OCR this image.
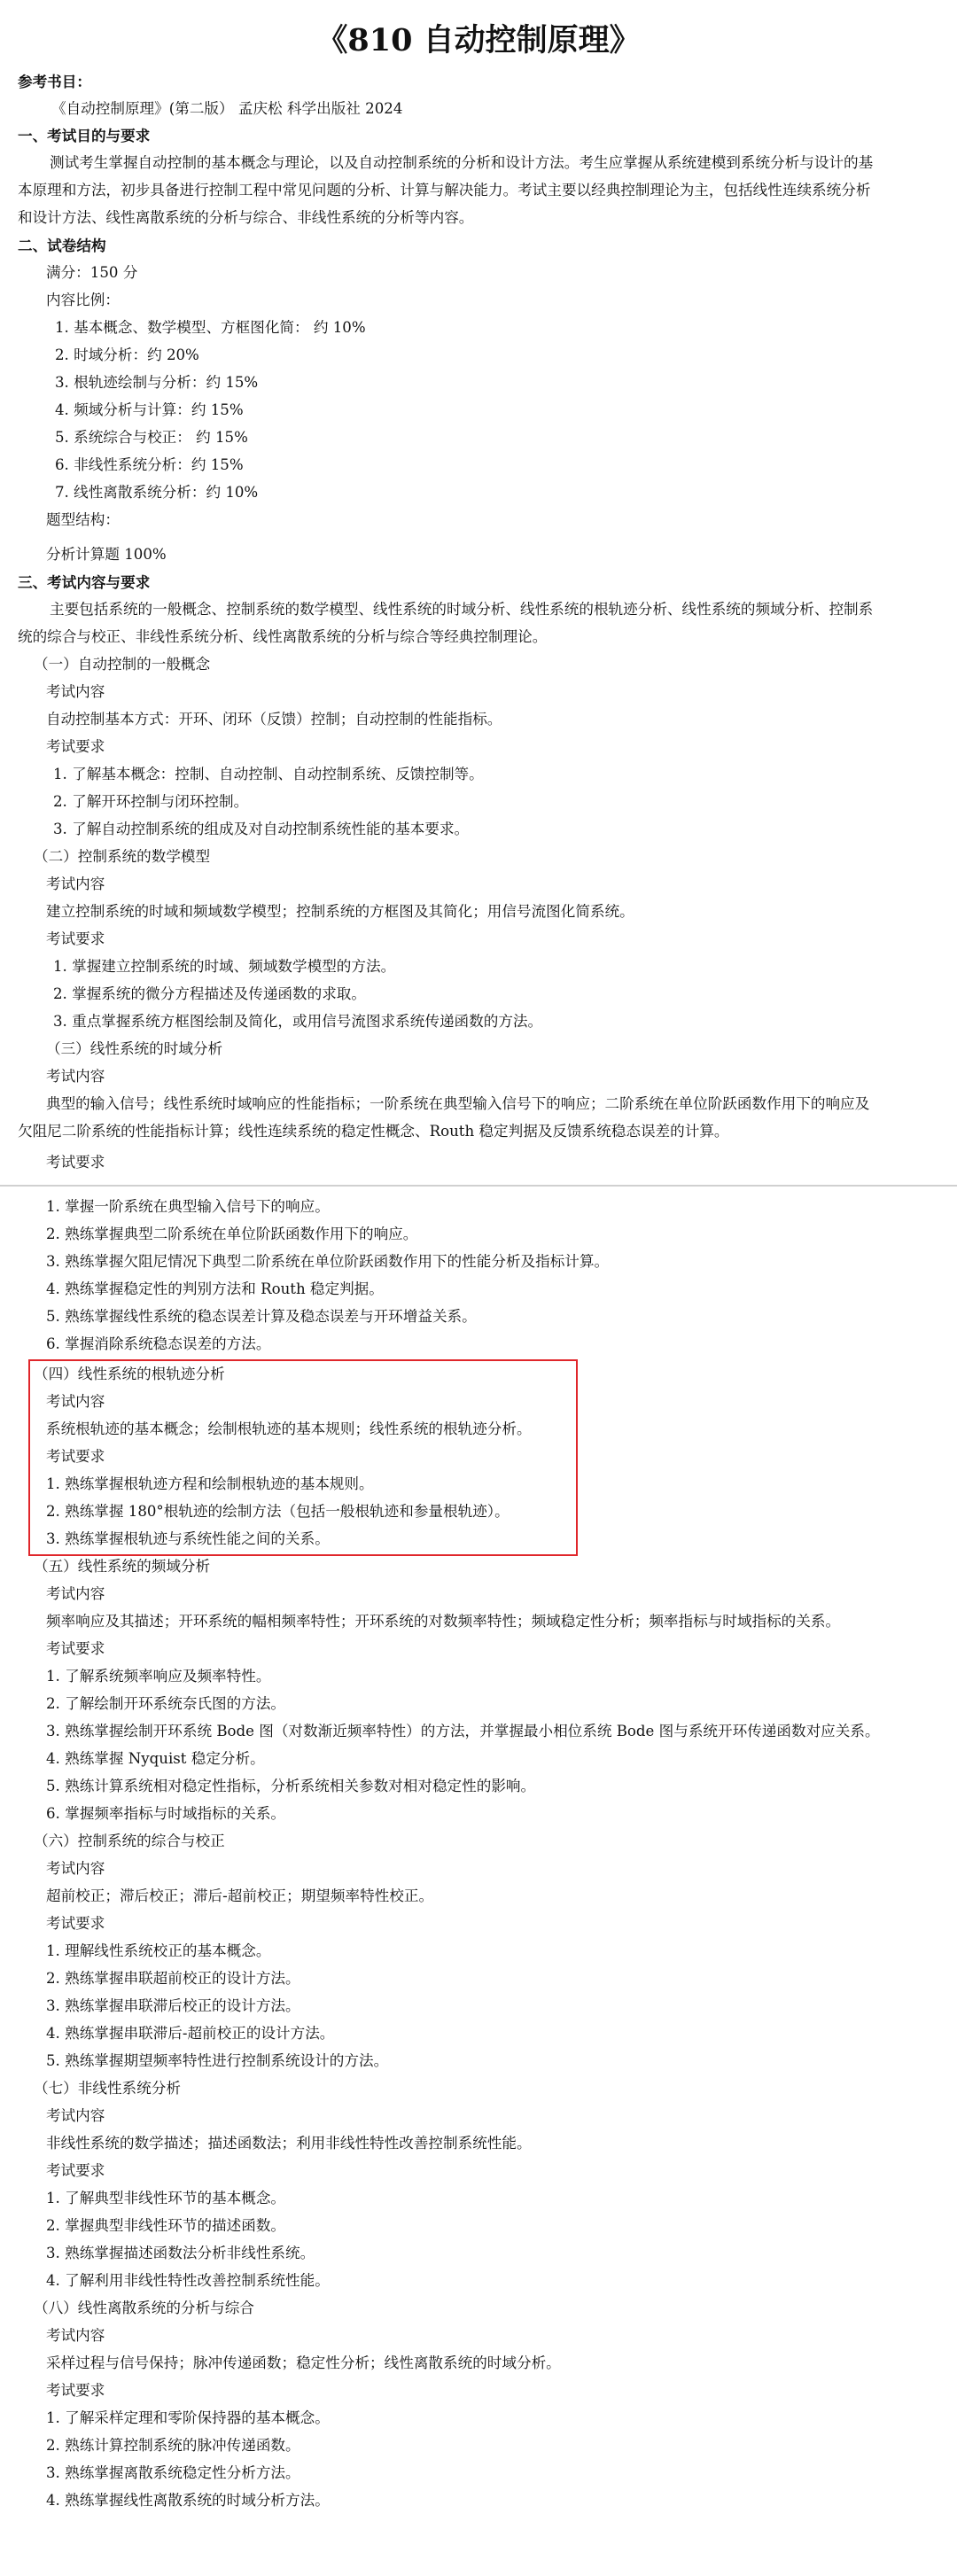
《810 自动控制原理》
参考书目：
《自动控制原理》(第二版） 孟庆松 科学出版社 2024
一、考试目的与要求
测试考生掌握自动控制的基本概念与理论，以及自动控制系统的分析和设计方法。考生应掌握从系统建模到系统分析与设计的基
本原理和方法，初步具备进行控制工程中常见问题的分析、计算与解决能力。考试主要以经典控制理论为主，包括线性连续系统分析
和设计方法、线性离散系统的分析与综合、非线性系统的分析等内容。
二、试卷结构
满分：150 分
内容比例：
1. 基本概念、数学模型、方框图化简： 约 10%
2. 时域分析：约 20%
3. 根轨迹绘制与分析：约 15%
4. 频域分析与计算：约 15%
5. 系统综合与校正： 约 15%
6. 非线性系统分析：约 15%
7. 线性离散系统分析：约 10%
题型结构：
分析计算题 100%
三、考试内容与要求
主要包括系统的一般概念、控制系统的数学模型、线性系统的时域分析、线性系统的根轨迹分析、线性系统的频域分析、控制系
统的综合与校正、非线性系统分析、线性离散系统的分析与综合等经典控制理论。
（一）自动控制的一般概念
考试内容
自动控制基本方式：开环、闭环（反馈）控制；自动控制的性能指标。
考试要求
1. 了解基本概念：控制、自动控制、自动控制系统、反馈控制等。
2. 了解开环控制与闭环控制。
3. 了解自动控制系统的组成及对自动控制系统性能的基本要求。
（二）控制系统的数学模型
考试内容
建立控制系统的时域和频域数学模型；控制系统的方框图及其简化；用信号流图化简系统。
考试要求
1. 掌握建立控制系统的时域、频域数学模型的方法。
2. 掌握系统的微分方程描述及传递函数的求取。
3. 重点掌握系统方框图绘制及简化，或用信号流图求系统传递函数的方法。
（三）线性系统的时域分析
考试内容
典型的输入信号；线性系统时域响应的性能指标；一阶系统在典型输入信号下的响应；二阶系统在单位阶跃函数作用下的响应及
欠阻尼二阶系统的性能指标计算；线性连续系统的稳定性概念、Routh 稳定判据及反馈系统稳态误差的计算。
考试要求
1. 掌握一阶系统在典型输入信号下的响应。
2. 熟练掌握典型二阶系统在单位阶跃函数作用下的响应。
3. 熟练掌握欠阻尼情况下典型二阶系统在单位阶跃函数作用下的性能分析及指标计算。
4. 熟练掌握稳定性的判别方法和 Routh 稳定判据。
5. 熟练掌握线性系统的稳态误差计算及稳态误差与开环增益关系。
6. 掌握消除系统稳态误差的方法。
（四）线性系统的根轨迹分析
考试内容
系统根轨迹的基本概念；绘制根轨迹的基本规则；线性系统的根轨迹分析。
考试要求
1. 熟练掌握根轨迹方程和绘制根轨迹的基本规则。
2. 熟练掌握 180°根轨迹的绘制方法（包括一般根轨迹和参量根轨迹）。
3. 熟练掌握根轨迹与系统性能之间的关系。
（五）线性系统的频域分析
考试内容
频率响应及其描述；开环系统的幅相频率特性；开环系统的对数频率特性；频域稳定性分析；频率指标与时域指标的关系。
考试要求
1. 了解系统频率响应及频率特性。
2. 了解绘制开环系统奈氏图的方法。
3. 熟练掌握绘制开环系统 Bode 图（对数渐近频率特性）的方法，并掌握最小相位系统 Bode 图与系统开环传递函数对应关系。
4. 熟练掌握 Nyquist 稳定分析。
5. 熟练计算系统相对稳定性指标，分析系统相关参数对相对稳定性的影响。
6. 掌握频率指标与时域指标的关系。
（六）控制系统的综合与校正
考试内容
超前校正；滞后校正；滞后-超前校正；期望频率特性校正。
考试要求
1. 理解线性系统校正的基本概念。
2. 熟练掌握串联超前校正的设计方法。
3. 熟练掌握串联滞后校正的设计方法。
4. 熟练掌握串联滞后-超前校正的设计方法。
5. 熟练掌握期望频率特性进行控制系统设计的方法。
（七）非线性系统分析
考试内容
非线性系统的数学描述；描述函数法；利用非线性特性改善控制系统性能。
考试要求
1. 了解典型非线性环节的基本概念。
2. 掌握典型非线性环节的描述函数。
3. 熟练掌握描述函数法分析非线性系统。
4. 了解利用非线性特性改善控制系统性能。
（八）线性离散系统的分析与综合
考试内容
采样过程与信号保持；脉冲传递函数；稳定性分析；线性离散系统的时域分析。
考试要求
1. 了解采样定理和零阶保持器的基本概念。
2. 熟练计算控制系统的脉冲传递函数。
3. 熟练掌握离散系统稳定性分析方法。
4. 熟练掌握线性离散系统的时域分析方法。
